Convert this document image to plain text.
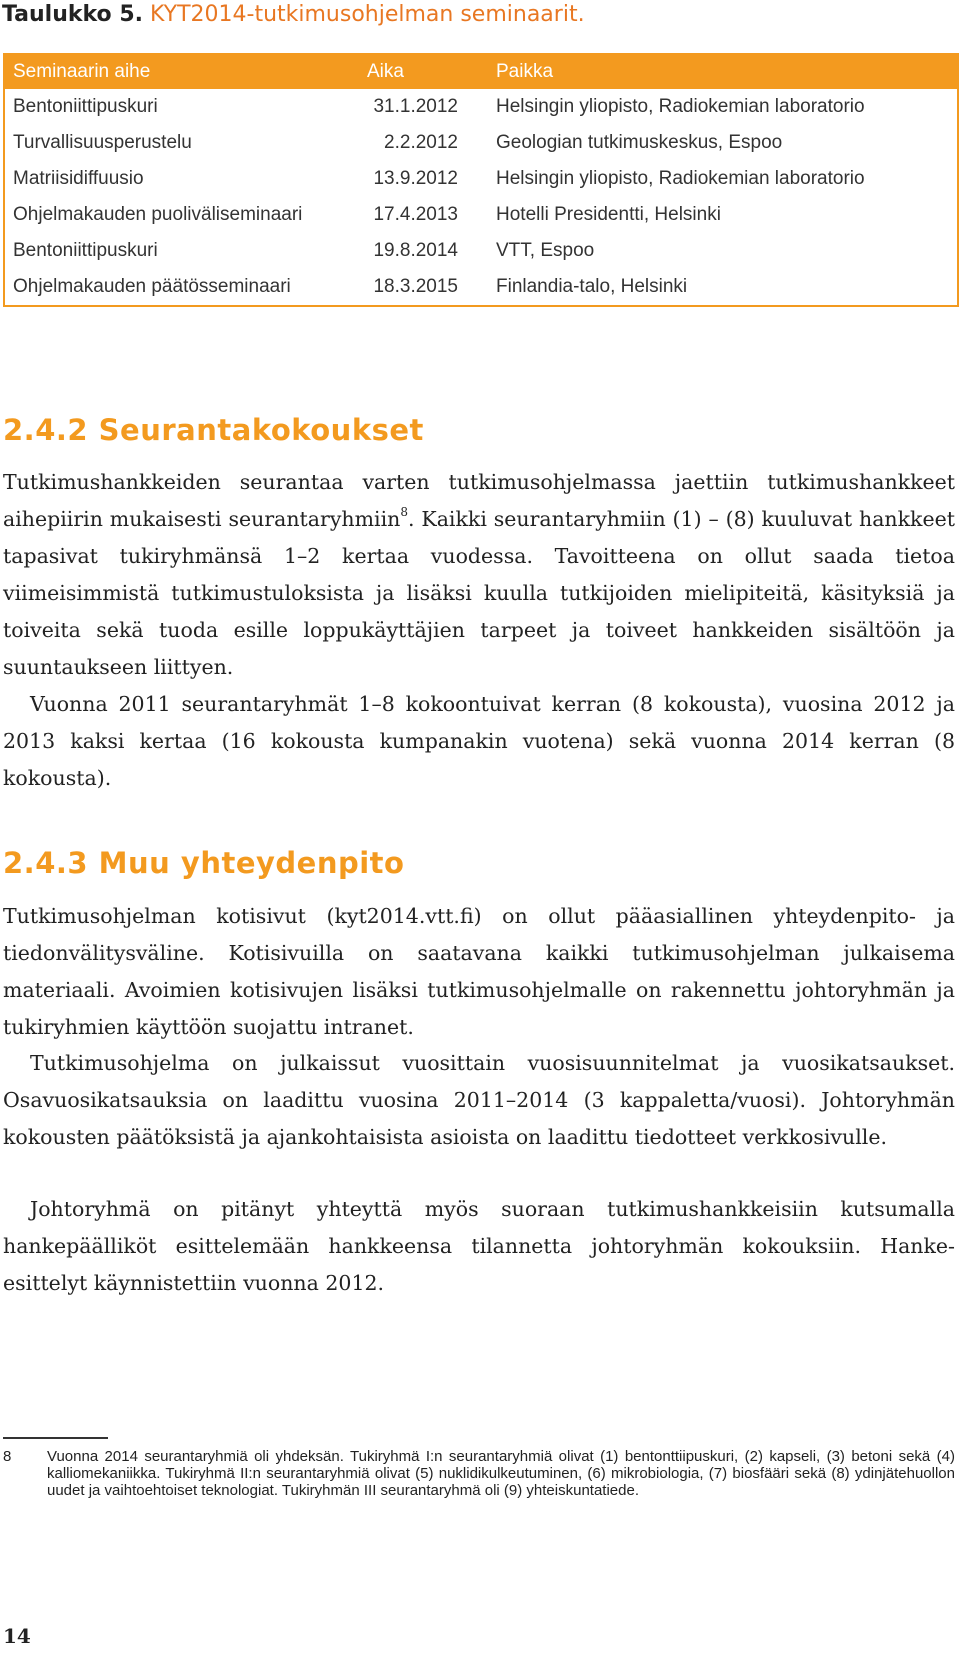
Taulukko 5. KYT2014-tutkimusohjelman seminaarit.
Seminaarin aihe	Aika	Paikka
Bentoniittipuskuri	31.1.2012	Helsingin yliopisto, Radiokemian laboratorio
Turvallisuusperustelu	2.2.2012	Geologian tutkimuskeskus, Espoo
Matriisidiffuusio	13.9.2012	Helsingin yliopisto, Radiokemian laboratorio
Ohjelmakauden puoliväliseminaari	17.4.2013	Hotelli Presidentti, Helsinki
Bentoniittipuskuri	19.8.2014	VTT, Espoo
Ohjelmakauden päätösseminaari	18.3.2015	Finlandia-talo, Helsinki
2.4.2 Seurantakokoukset

Tutkimushankkeiden seurantaa varten tutkimusohjelmassa jaettiin tutkimushankkeet aihepiirin mukaisesti seurantaryhmiin$^8$. Kaikki seurantaryhmiin (1) – (8) kuuluvat hankkeet tapasivat tukiryhmänsä 1–2 kertaa vuodessa. Tavoitteena on ollut saada tietoa viimeisimmistä tutkimustuloksista ja lisäksi kuulla tutkijoiden mielipiteitä, käsityksiä ja toiveita sekä tuoda esille loppukäyttäjien tarpeet ja toiveet hankkeiden sisältöön ja suuntaukseen liittyen.

Vuonna 2011 seurantaryhmät 1–8 kokoontuivat kerran (8 kokousta), vuosina 2012 ja 2013 kaksi kertaa (16 kokousta kumpanakin vuotena) sekä vuonna 2014 kerran (8 kokousta).

2.4.3 Muu yhteydenpito

Tutkimusohjelman kotisivut (kyt2014.vtt.fi) on ollut pääasiallinen yhteydenpito- ja tiedonvälitysväline. Kotisivuilla on saatavana kaikki tutkimusohjelman julkaisema materiaali. Avoimien kotisivujen lisäksi tutkimusohjelmalle on rakennettu johtoryhmän ja tukiryhmien käyttöön suojattu intranet.

Tutkimusohjelma on julkaissut vuosittain vuosisuunnitelmat ja vuosikatsaukset. Osavuosikatsauksia on laadittu vuosina 2011–2014 (3 kappaletta/vuosi). Johtoryhmän kokousten päätöksistä ja ajankohtaisista asioista on laadittu tiedotteet verkkosivulle.

Johtoryhmä on pitänyt yhteyttä myös suoraan tutkimushankkeisiin kutsumalla hankepäälliköt esittelemään hankkeensa tilannetta johtoryhmän kokouksiin. Hanke-esittelyt käynnistettiin vuonna 2012.

8	Vuonna 2014 seurantaryhmiä oli yhdeksän. Tukiryhmä I:n seurantaryhmiä olivat (1) bentonttiipuskuri, (2) kapseli, (3) betoni sekä (4) kalliomekaniikka. Tukiryhmä II:n seurantaryhmiä olivat (5) nuklidikulkeutuminen, (6) mikrobiologia, (7) biosfääri sekä (8) ydinjätehuollon uudet ja vaihtoehtoiset teknologiat. Tukiryhmän III seurantaryhmä oli (9) yhteiskuntatiede.

14
